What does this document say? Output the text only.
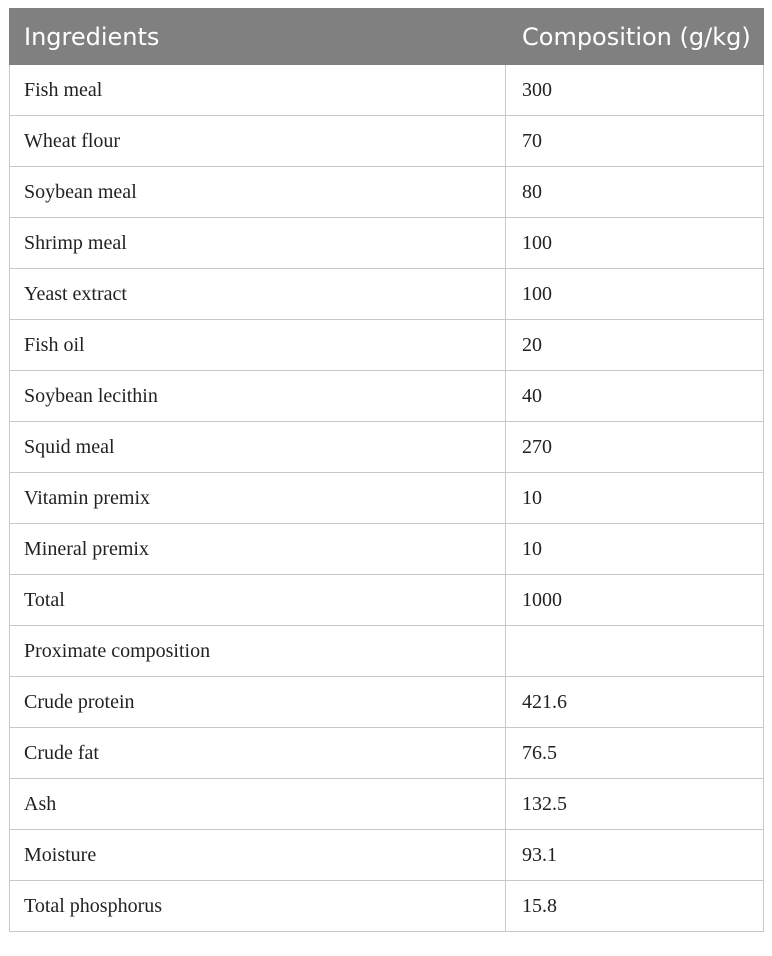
Ingredients	Composition (g/kg)
Fish meal	300
Wheat flour	70
Soybean meal	80
Shrimp meal	100
Yeast extract	100
Fish oil	20
Soybean lecithin	40
Squid meal	270
Vitamin premix	10
Mineral premix	10
Total	1000
Proximate composition	
Crude protein	421.6
Crude fat	76.5
Ash	132.5
Moisture	93.1
Total phosphorus	15.8
